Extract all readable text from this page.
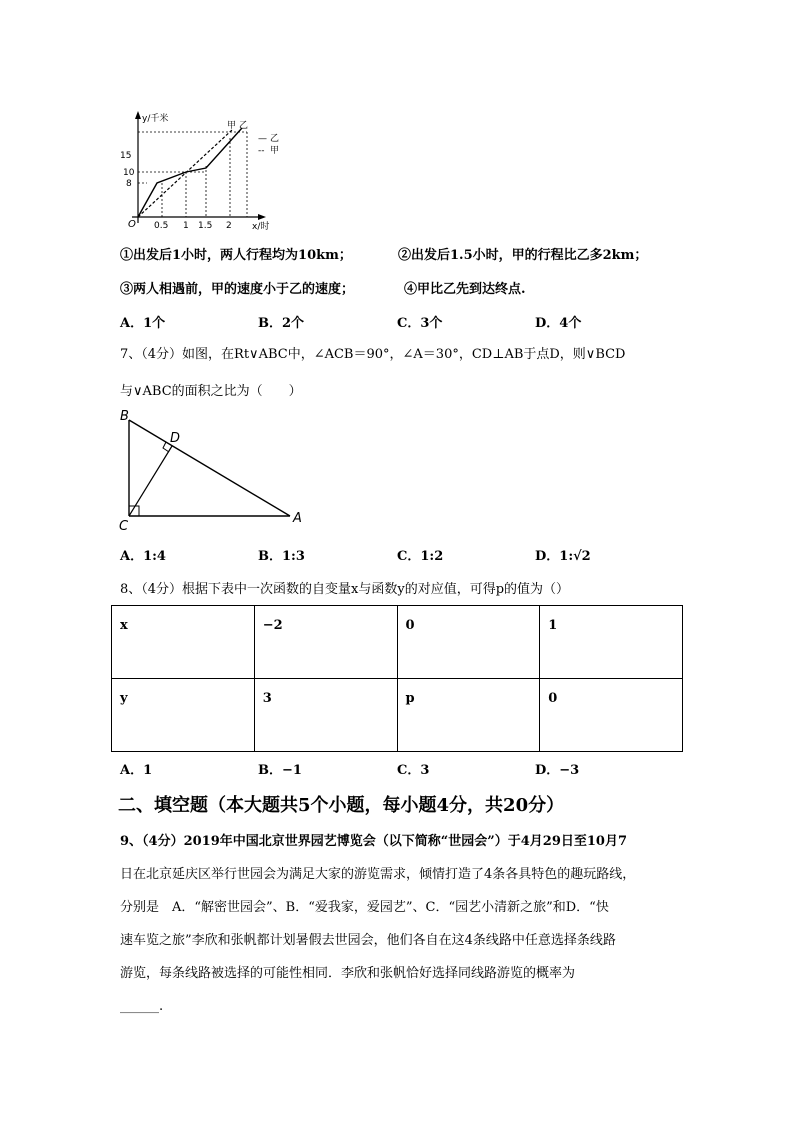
y/千米
x/时
O
15
10
8
0.5 1 1.5 2
甲 乙
— 乙
-- 甲
①出发后1小时，两人行程均为10km；	②出发后1.5小时，甲的行程比乙多2km；
③两人相遇前，甲的速度小于乙的速度；	④甲比乙先到达终点.
A．1个	B．2个	C．3个	D．4个
7、（4分）如图，在Rt∨ABC中，∠ACB＝90°，∠A＝30°，CD⊥AB于点D，则∨BCD
与∨ABC的面积之比为（　　）
B
D
C
A
A．1:4	B．1:3	C．1:2	D．1:√2
8、（4分）根据下表中一次函数的自变量x与函数y的对应值，可得p的值为（）
x	−2	0	1
y	3	p	0
A．1	B．−1	C．3	D．−3
二、填空题（本大题共5个小题，每小题4分，共20分）
9、（4分）2019年中国北京世界园艺博览会（以下简称“世园会”）于4月29日至10月7
日在北京延庆区举行世园会为满足大家的游览需求，倾情打造了4条各具特色的趣玩路线，
分别是　A．“解密世园会”、B．“爱我家，爱园艺”、C．“园艺小清新之旅”和D．“快
速车览之旅”李欣和张帆都计划暑假去世园会，他们各自在这4条线路中任意选择条线路
游览，每条线路被选择的可能性相同．李欣和张帆恰好选择同线路游览的概率为
______.
